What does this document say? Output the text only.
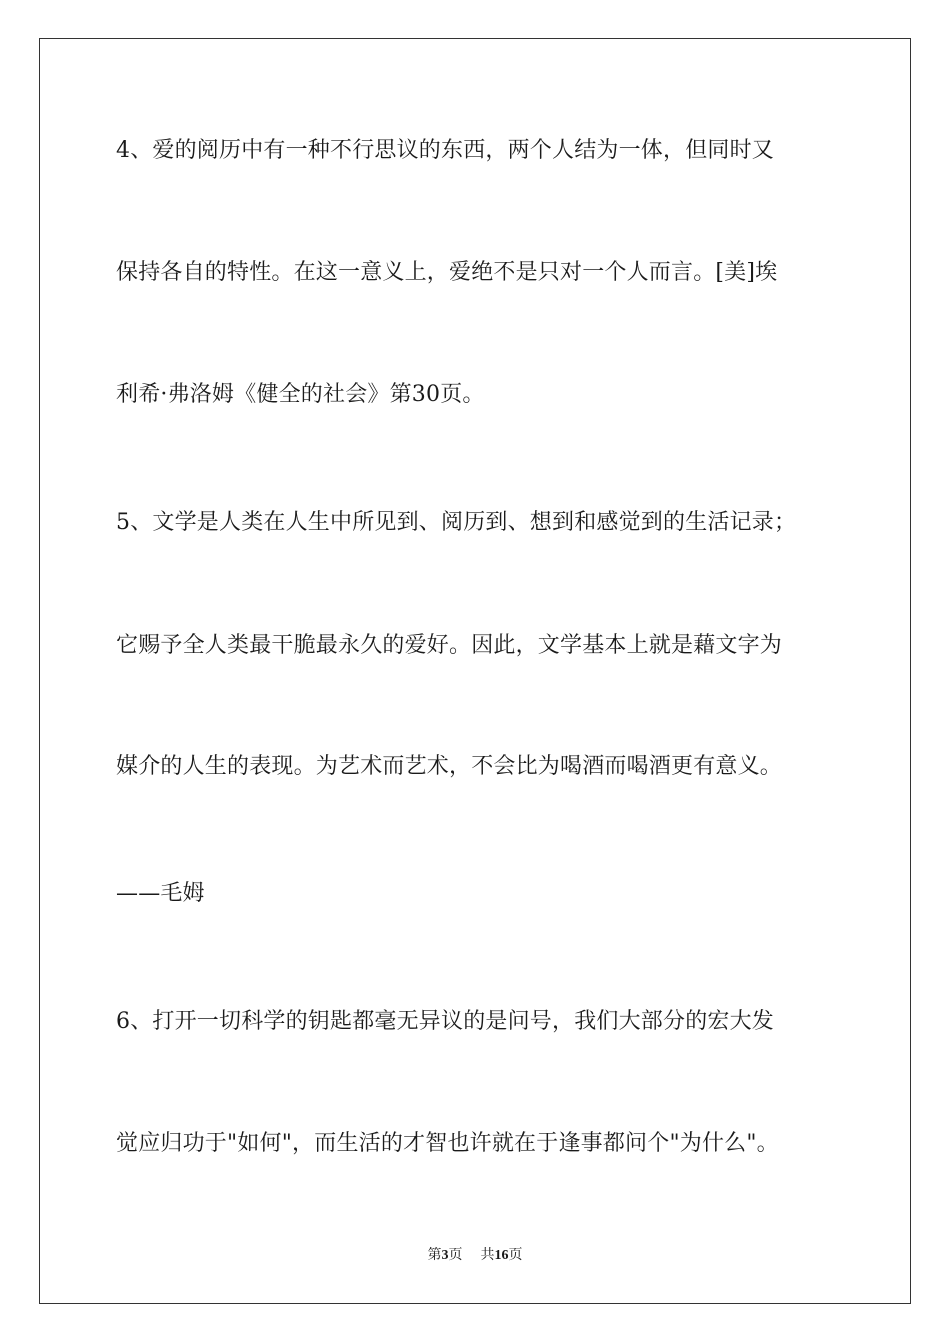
4、爱的阅历中有一种不行思议的东西，两个人结为一体，但同时又
保持各自的特性。在这一意义上，爱绝不是只对一个人而言。[美]埃
利希·弗洛姆《健全的社会》第30页。
5、文学是人类在人生中所见到、阅历到、想到和感觉到的生活记录；
它赐予全人类最干脆最永久的爱好。因此，文学基本上就是藉文字为
媒介的人生的表现。为艺术而艺术，不会比为喝酒而喝酒更有意义。
——毛姆
6、打开一切科学的钥匙都毫无异议的是问号，我们大部分的宏大发
觉应归功于"如何"，而生活的才智也许就在于逢事都问个"为什么"。
第3页 共16页
